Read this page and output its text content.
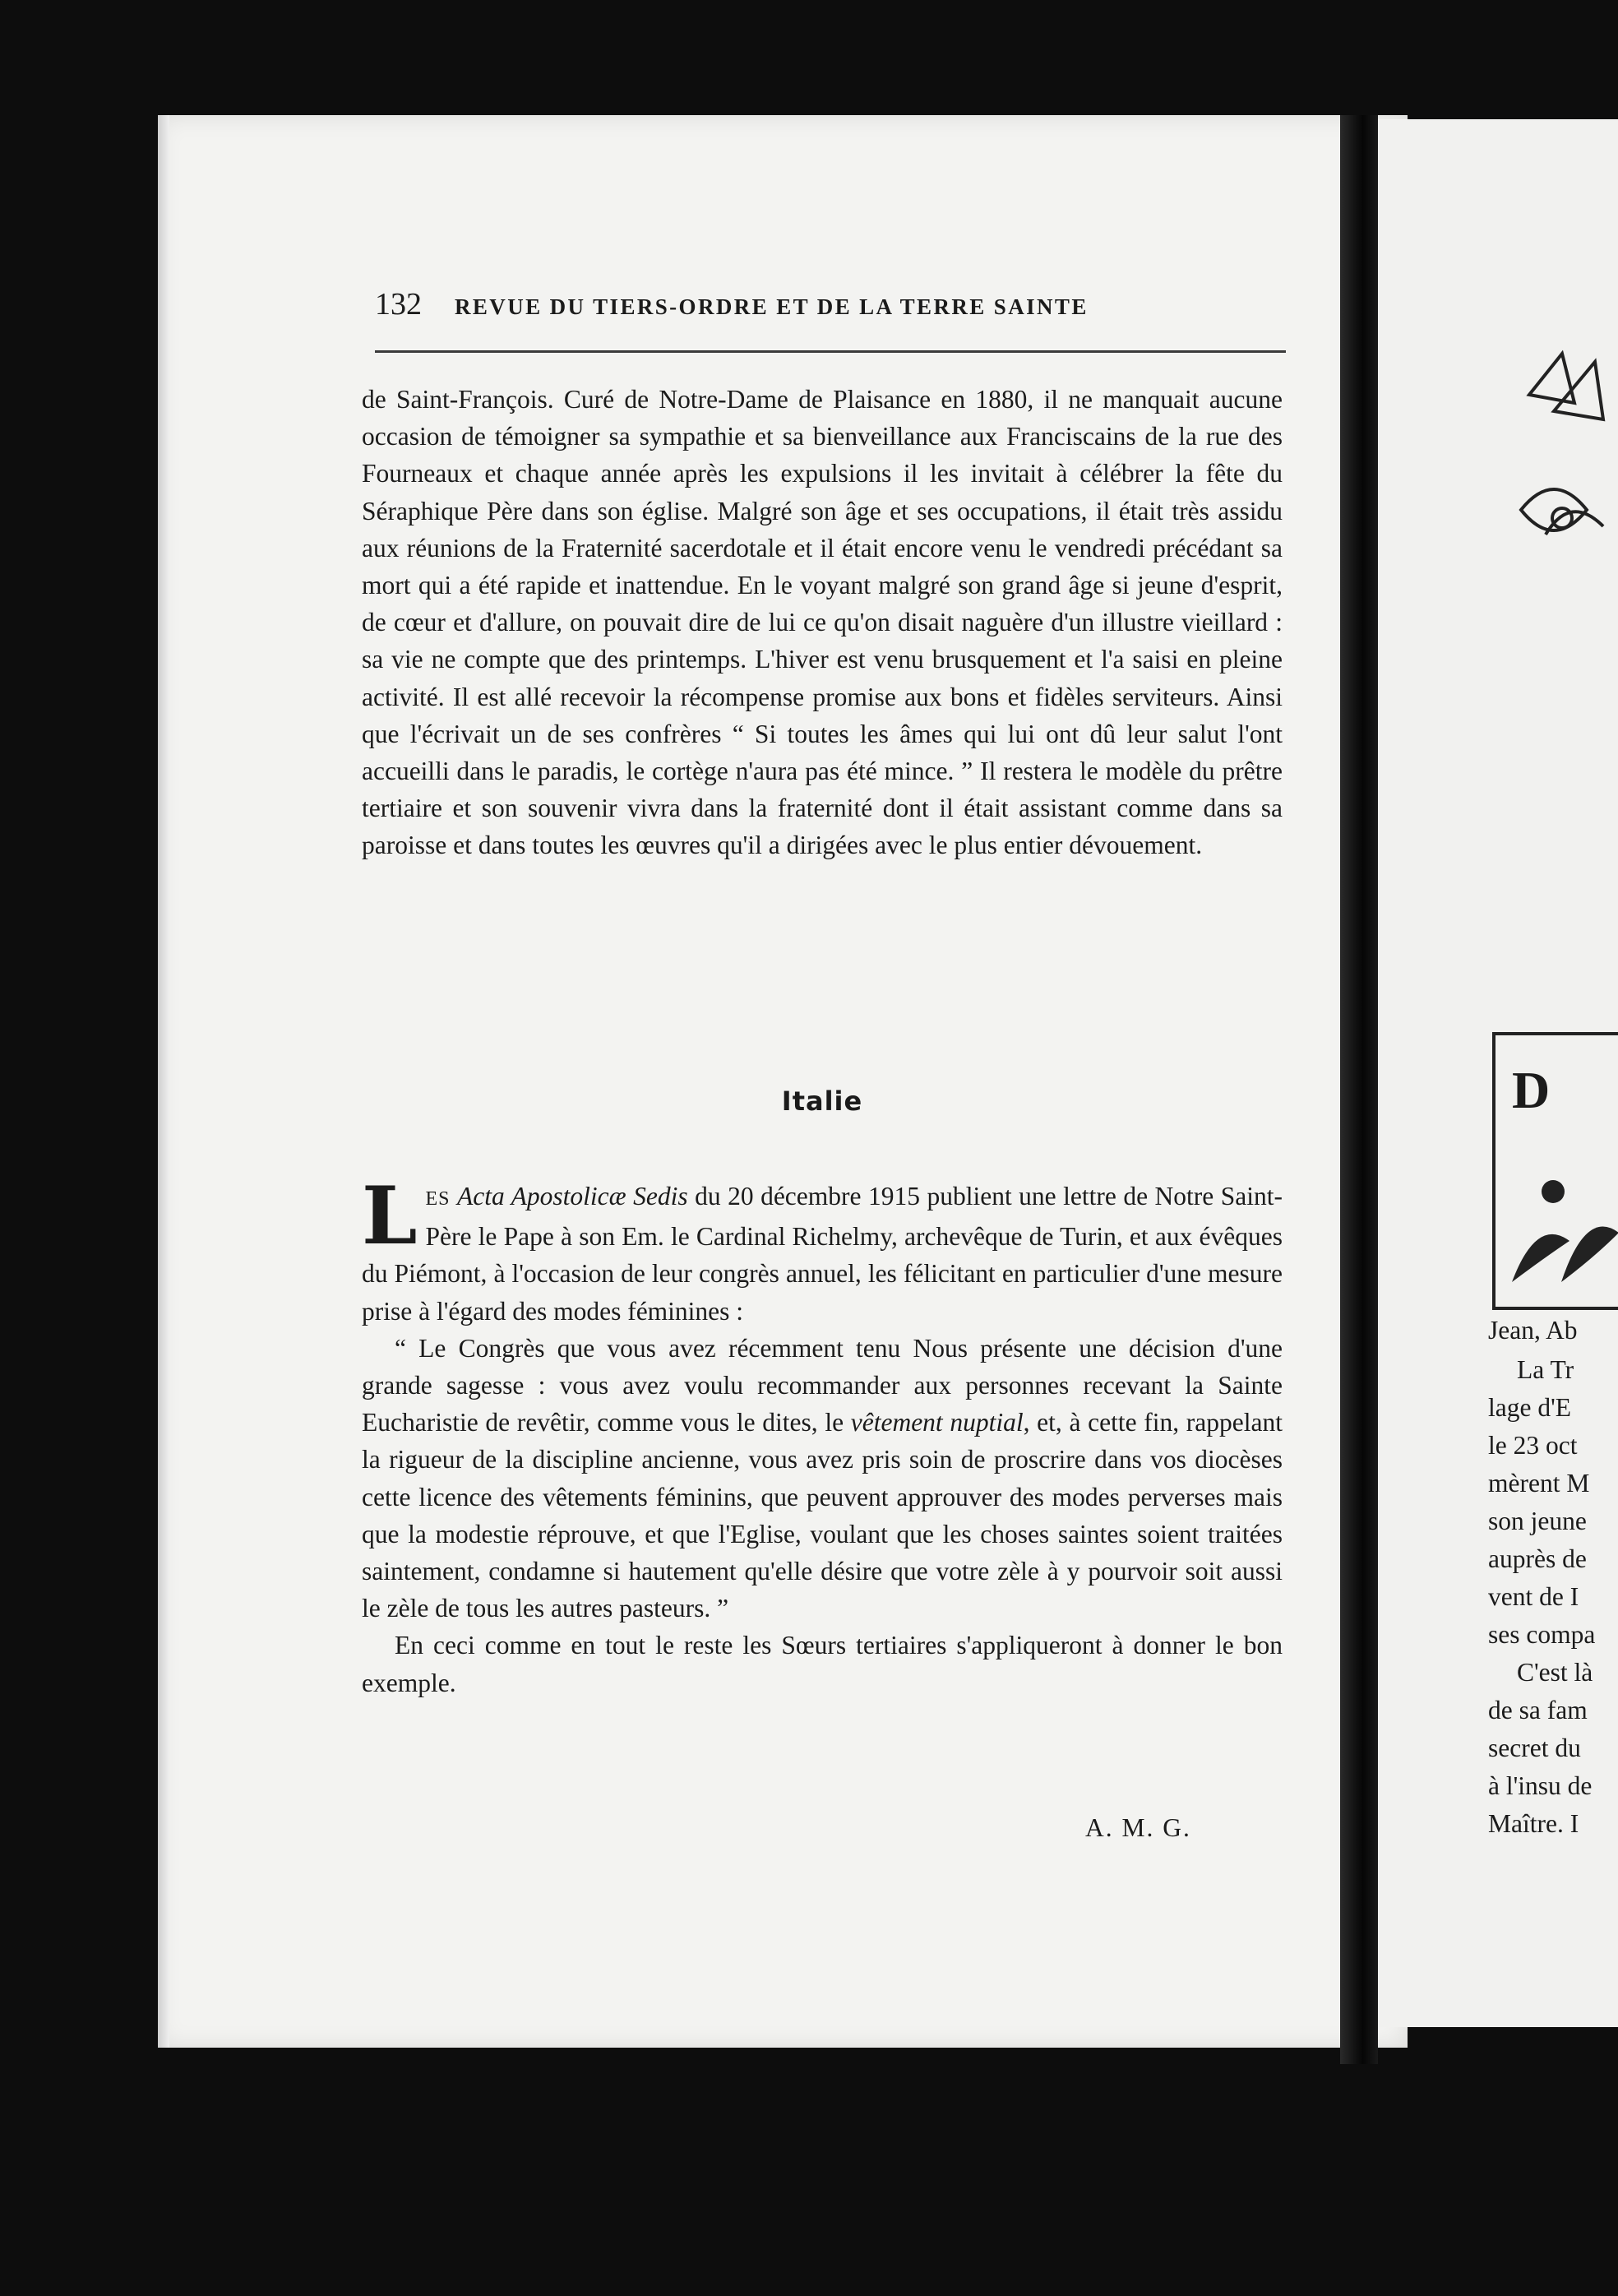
132 REVUE DU TIERS-ORDRE ET DE LA TERRE SAINTE

de Saint-François. Curé de Notre-Dame de Plaisance en 1880, il ne manquait aucune occasion de témoigner sa sympathie et sa bienveillance aux Franciscains de la rue des Fourneaux et chaque année après les expulsions il les invitait à célébrer la fête du Séraphique Père dans son église. Malgré son âge et ses occupations, il était très assidu aux réunions de la Fraternité sacerdotale et il était encore venu le vendredi précédant sa mort qui a été rapide et inattendue. En le voyant malgré son grand âge si jeune d'esprit, de cœur et d'allure, on pouvait dire de lui ce qu'on disait naguère d'un illustre vieillard : sa vie ne compte que des printemps. L'hiver est venu brusquement et l'a saisi en pleine activité. Il est allé recevoir la récompense promise aux bons et fidèles serviteurs. Ainsi que l'écrivait un de ses confrères “ Si toutes les âmes qui lui ont dû leur salut l'ont accueilli dans le paradis, le cortège n'aura pas été mince. ” Il restera le modèle du prêtre tertiaire et son souvenir vivra dans la fraternité dont il était assistant comme dans sa paroisse et dans toutes les œuvres qu'il a dirigées avec le plus entier dévouement.

Italie

LES Acta Apostolicæ Sedis du 20 décembre 1915 publient une lettre de Notre Saint-Père le Pape à son Em. le Cardinal Richelmy, archevêque de Turin, et aux évêques du Piémont, à l'occasion de leur congrès annuel, les félicitant en particulier d'une mesure prise à l'égard des modes féminines :

“ Le Congrès que vous avez récemment tenu Nous présente une décision d'une grande sagesse : vous avez voulu recommander aux personnes recevant la Sainte Eucharistie de revêtir, comme vous le dites, le vêtement nuptial, et, à cette fin, rappelant la rigueur de la discipline ancienne, vous avez pris soin de proscrire dans vos diocèses cette licence des vêtements féminins, que peuvent approuver des modes perverses mais que la modestie réprouve, et que l'Eglise, voulant que les choses saintes soient traitées saintement, condamne si hautement qu'elle désire que votre zèle à y pourvoir soit aussi le zèle de tous les autres pasteurs. ”

En ceci comme en tout le reste les Sœurs tertiaires s'appliqueront à donner le bon exemple.

A. M. G.
D
Jean, Ab
La Tr
lage d'E
le 23 oct
mèrent M
son jeune
auprès de
vent de I
ses compa
C'est là
de sa fam
secret du
à l'insu de
Maître. I
